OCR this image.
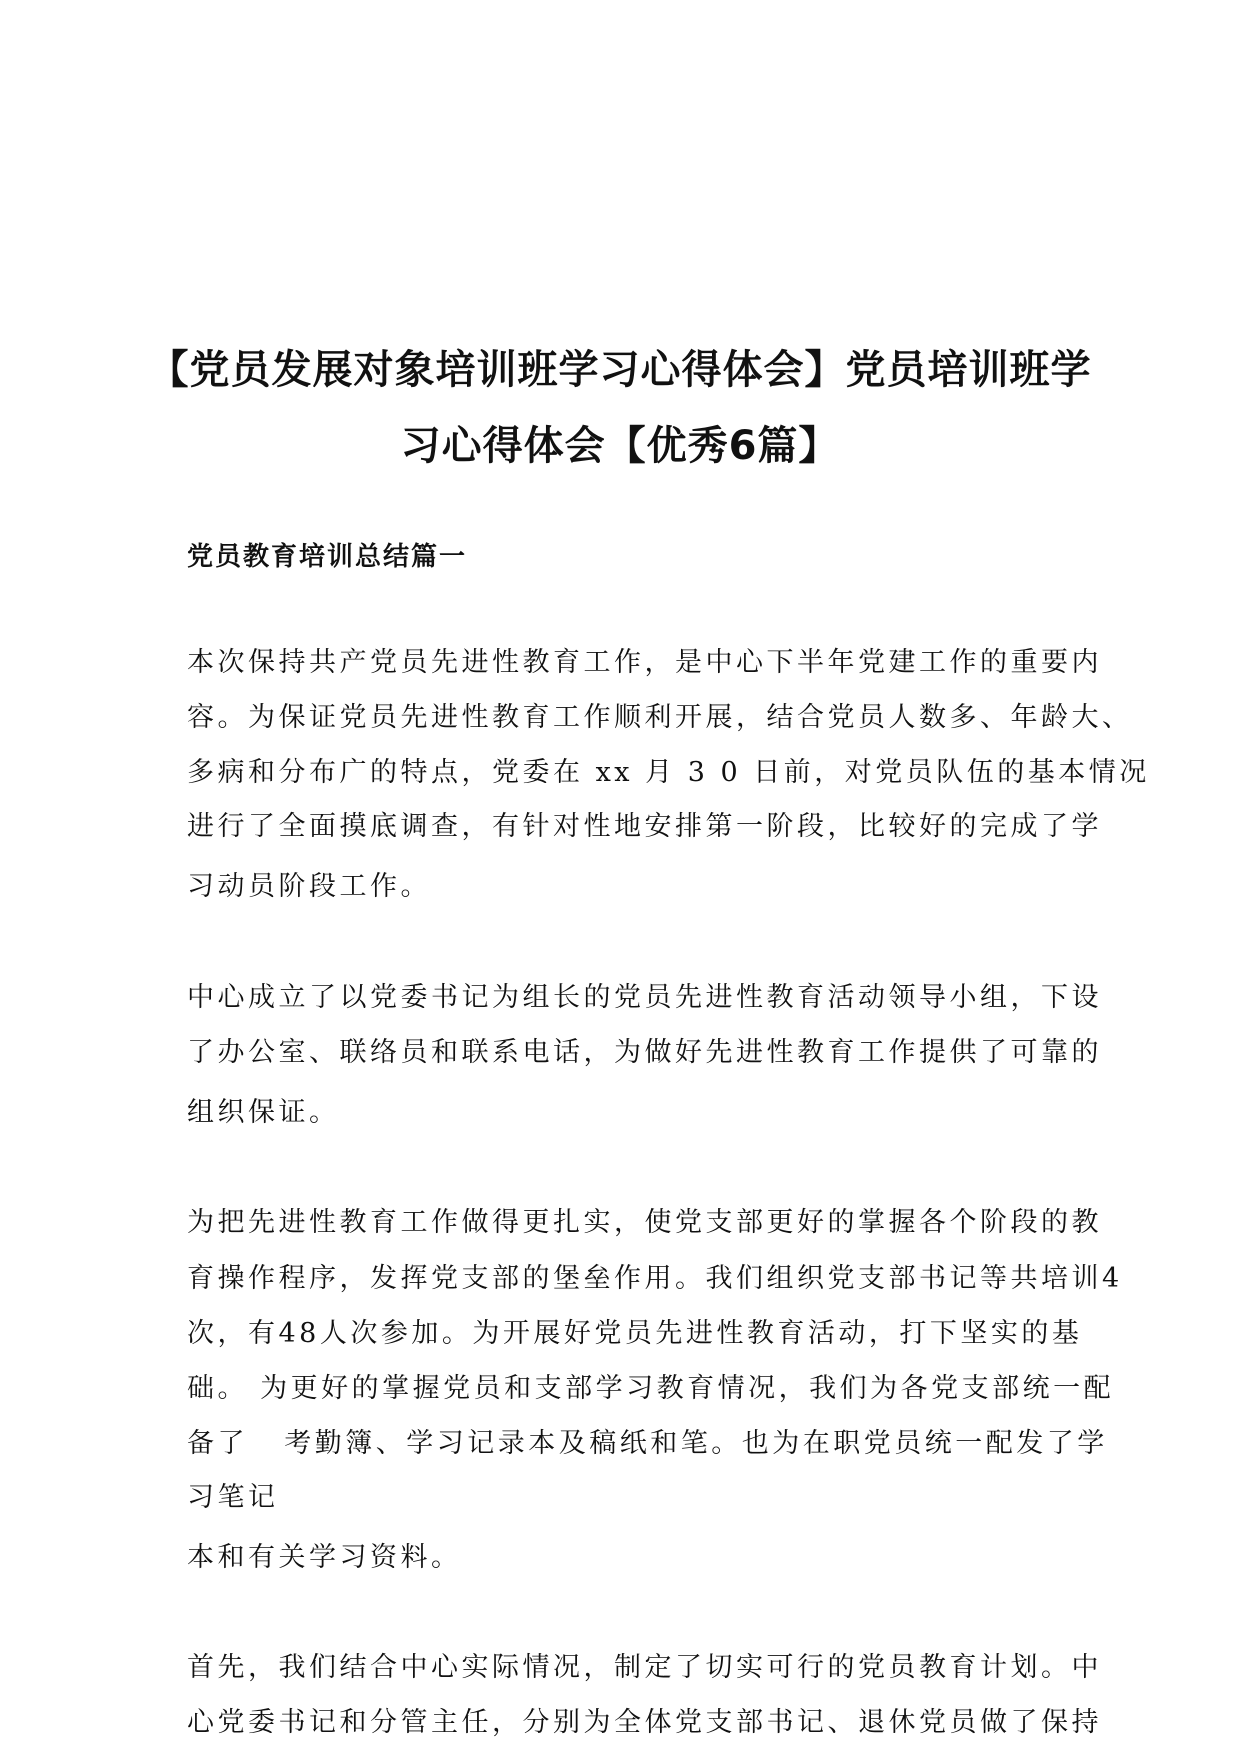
【党员发展对象培训班学习心得体会】党员培训班学
习心得体会【优秀6篇】
党员教育培训总结篇一

本次保持共产党员先进性教育工作，是中心下半年党建工作的重要内

容。为保证党员先进性教育工作顺利开展，结合党员人数多、年龄大、

多病和分布广的特点，党委在 xx 月 3 0 日前，对党员队伍的基本情况

进行了全面摸底调查，有针对性地安排第一阶段，比较好的完成了学

习动员阶段工作。

中心成立了以党委书记为组长的党员先进性教育活动领导小组，下设

了办公室、联络员和联系电话，为做好先进性教育工作提供了可靠的

组织保证。

为把先进性教育工作做得更扎实，使党支部更好的掌握各个阶段的教

育操作程序，发挥党支部的堡垒作用。我们组织党支部书记等共培训4

次，有48人次参加。为开展好党员先进性教育活动，打下坚实的基

础。 为更好的掌握党员和支部学习教育情况，我们为各党支部统一配

备了   考勤簿、学习记录本及稿纸和笔。也为在职党员统一配发了学

习笔记

本和有关学习资料。

首先，我们结合中心实际情况，制定了切实可行的党员教育计划。中

心党委书记和分管主任，分别为全体党支部书记、退休党员做了保持
